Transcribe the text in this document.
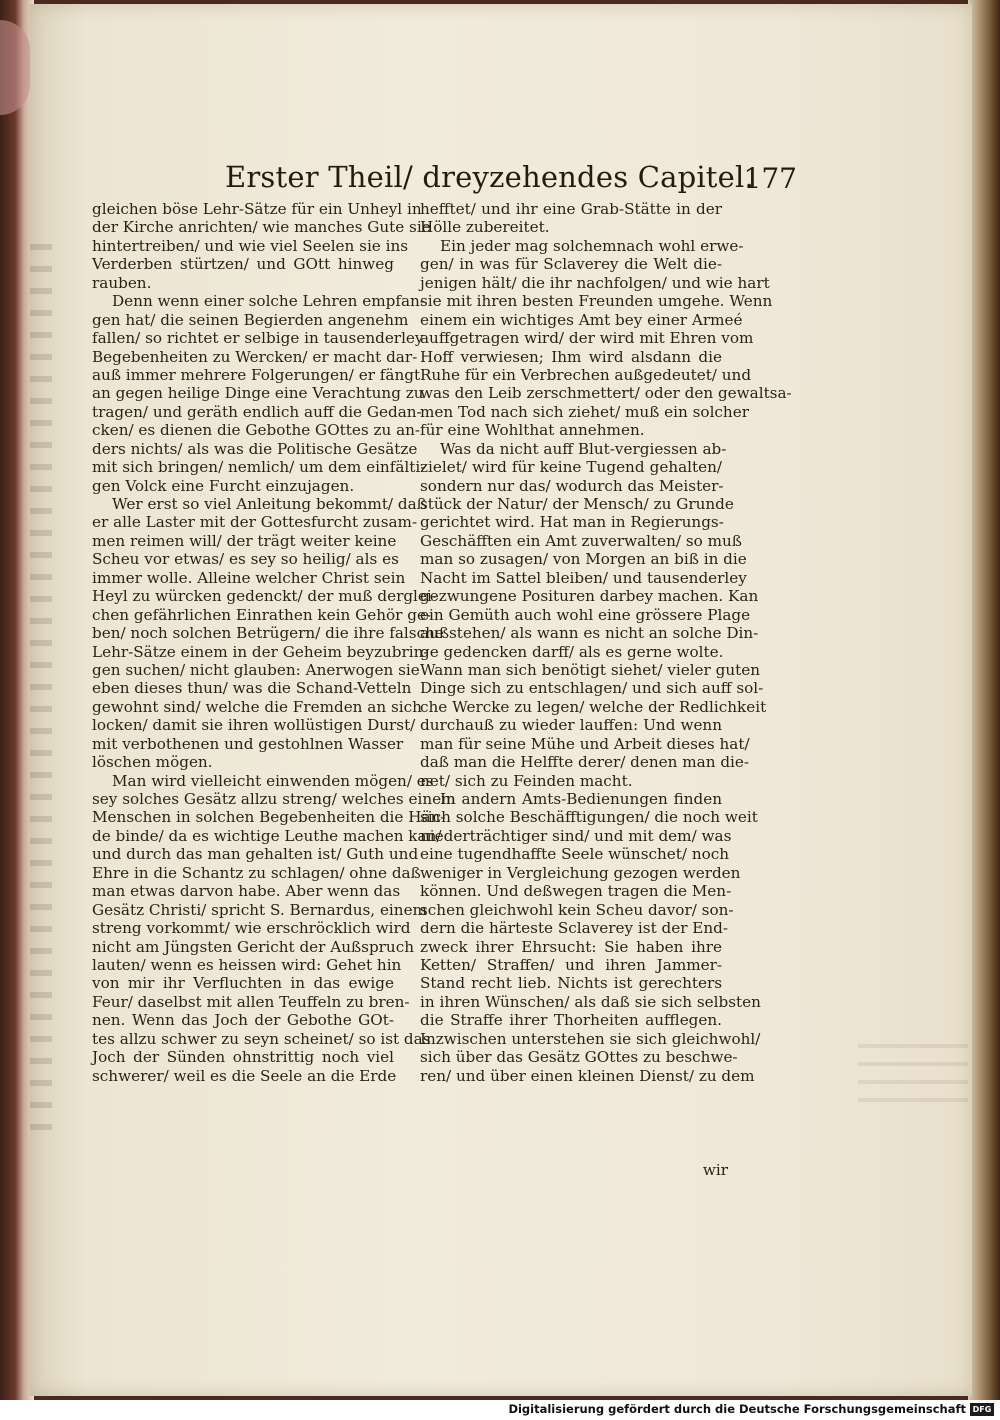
Erster Theil/ dreyzehendes Capitel.
177
gleichen böse Lehr-Sätze für ein Unheyl in
der Kirche anrichten/ wie manches Gute sie
hintertreiben/ und wie viel Seelen sie ins
Verderben stürtzen/ und GOtt hinweg
rauben.
Denn wenn einer solche Lehren empfan-
gen hat/ die seinen Begierden angenehm
fallen/ so richtet er selbige in tausenderley
Begebenheiten zu Wercken/ er macht dar-
auß immer mehrere Folgerungen/ er fängt
an gegen heilige Dinge eine Verachtung zu
tragen/ und geräth endlich auff die Gedan-
cken/ es dienen die Gebothe GOttes zu an-
ders nichts/ als was die Politische Gesätze
mit sich bringen/ nemlich/ um dem einfälti-
gen Volck eine Furcht einzujagen.
Wer erst so viel Anleitung bekommt/ daß
er alle Laster mit der Gottesfurcht zusam-
men reimen will/ der trägt weiter keine
Scheu vor etwas/ es sey so heilig/ als es
immer wolle. Alleine welcher Christ sein
Heyl zu würcken gedenckt/ der muß derglei-
chen gefährlichen Einrathen kein Gehör ge-
ben/ noch solchen Betrügern/ die ihre falsche
Lehr-Sätze einem in der Geheim beyzubrin-
gen suchen/ nicht glauben: Anerwogen sie
eben dieses thun/ was die Schand-Vetteln
gewohnt sind/ welche die Fremden an sich
locken/ damit sie ihren wollüstigen Durst/
mit verbothenen und gestohlnen Wasser
löschen mögen.
Man wird vielleicht einwenden mögen/ es
sey solches Gesätz allzu streng/ welches einem
Menschen in solchen Begebenheiten die Hän-
de binde/ da es wichtige Leuthe machen kan/
und durch das man gehalten ist/ Guth und
Ehre in die Schantz zu schlagen/ ohne daß
man etwas darvon habe. Aber wenn das
Gesätz Christi/ spricht S. Bernardus, einem
streng vorkommt/ wie erschröcklich wird
nicht am Jüngsten Gericht der Außspruch
lauten/ wenn es heissen wird: Gehet hin
von mir ihr Verfluchten in das ewige
Feur/ daselbst mit allen Teuffeln zu bren-
nen. Wenn das Joch der Gebothe GOt-
tes allzu schwer zu seyn scheinet/ so ist das
Joch der Sünden ohnstrittig noch viel
schwerer/ weil es die Seele an die Erde
hefftet/ und ihr eine Grab-Stätte in der
Hölle zubereitet.
Ein jeder mag solchemnach wohl erwe-
gen/ in was für Sclaverey die Welt die-
jenigen hält/ die ihr nachfolgen/ und wie hart
sie mit ihren besten Freunden umgehe. Wenn
einem ein wichtiges Amt bey einer Armeé
auffgetragen wird/ der wird mit Ehren vom
Hoff verwiesen; Ihm wird alsdann die
Ruhe für ein Verbrechen außgedeutet/ und
was den Leib zerschmettert/ oder den gewaltsa-
men Tod nach sich ziehet/ muß ein solcher
für eine Wohlthat annehmen.
Was da nicht auff Blut-vergiessen ab-
zielet/ wird für keine Tugend gehalten/
sondern nur das/ wodurch das Meister-
stück der Natur/ der Mensch/ zu Grunde
gerichtet wird. Hat man in Regierungs-
Geschäfften ein Amt zuverwalten/ so muß
man so zusagen/ von Morgen an biß in die
Nacht im Sattel bleiben/ und tausenderley
gezwungene Posituren darbey machen. Kan
ein Gemüth auch wohl eine grössere Plage
außstehen/ als wann es nicht an solche Din-
ge gedencken darff/ als es gerne wolte.
Wann man sich benötigt siehet/ vieler guten
Dinge sich zu entschlagen/ und sich auff sol-
che Wercke zu legen/ welche der Redlichkeit
durchauß zu wieder lauffen: Und wenn
man für seine Mühe und Arbeit dieses hat/
daß man die Helffte derer/ denen man die-
net/ sich zu Feinden macht.
In andern Amts-Bedienungen finden
sich solche Beschäfftigungen/ die noch weit
niederträchtiger sind/ und mit dem/ was
eine tugendhaffte Seele wünschet/ noch
weniger in Vergleichung gezogen werden
können. Und deßwegen tragen die Men-
schen gleichwohl kein Scheu davor/ son-
dern die härteste Sclaverey ist der End-
zweck ihrer Ehrsucht: Sie haben ihre
Ketten/ Straffen/ und ihren Jammer-
Stand recht lieb. Nichts ist gerechters
in ihren Wünschen/ als daß sie sich selbsten
die Straffe ihrer Thorheiten aufflegen.
Inzwischen unterstehen sie sich gleichwohl/
sich über das Gesätz GOttes zu beschwe-
ren/ und über einen kleinen Dienst/ zu dem
wir
Digitalisierung gefördert durch die Deutsche Forschungsgemeinschaft DFG
